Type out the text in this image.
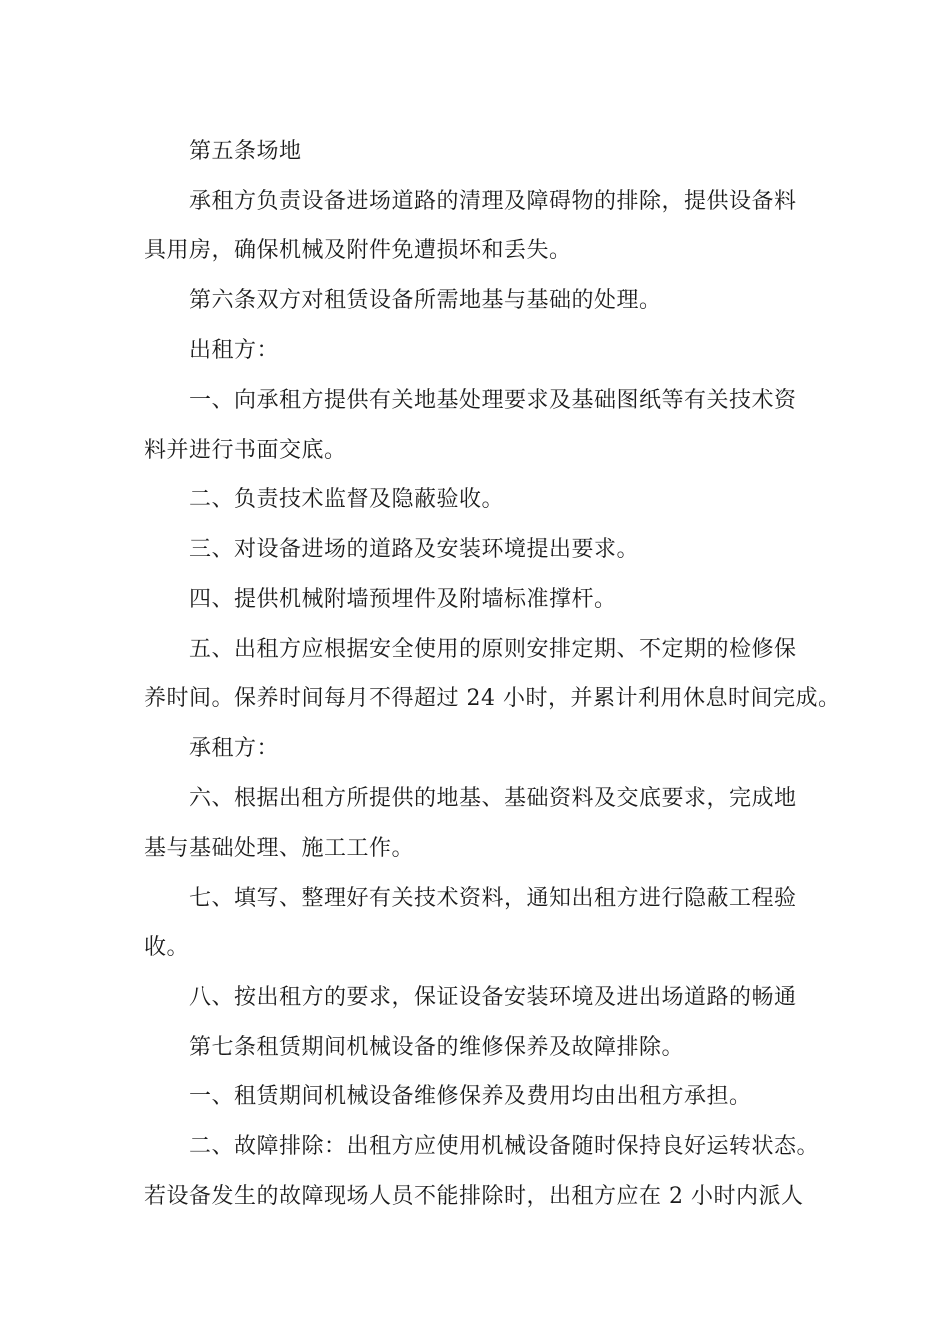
第五条场地
承租方负责设备进场道路的清理及障碍物的排除，提供设备料
具用房，确保机械及附件免遭损坏和丢失。
第六条双方对租赁设备所需地基与基础的处理。
出租方：
一、向承租方提供有关地基处理要求及基础图纸等有关技术资
料并进行书面交底。
二、负责技术监督及隐蔽验收。
三、对设备进场的道路及安装环境提出要求。
四、提供机械附墙预埋件及附墙标准撑杆。
五、出租方应根据安全使用的原则安排定期、不定期的检修保
养时间。保养时间每月不得超过 24 小时，并累计利用休息时间完成。
承租方：
六、根据出租方所提供的地基、基础资料及交底要求，完成地
基与基础处理、施工工作。
七、填写、整理好有关技术资料，通知出租方进行隐蔽工程验
收。
八、按出租方的要求，保证设备安装环境及进出场道路的畅通
第七条租赁期间机械设备的维修保养及故障排除。
一、租赁期间机械设备维修保养及费用均由出租方承担。
二、故障排除：出租方应使用机械设备随时保持良好运转状态。
若设备发生的故障现场人员不能排除时，出租方应在 2 小时内派人
